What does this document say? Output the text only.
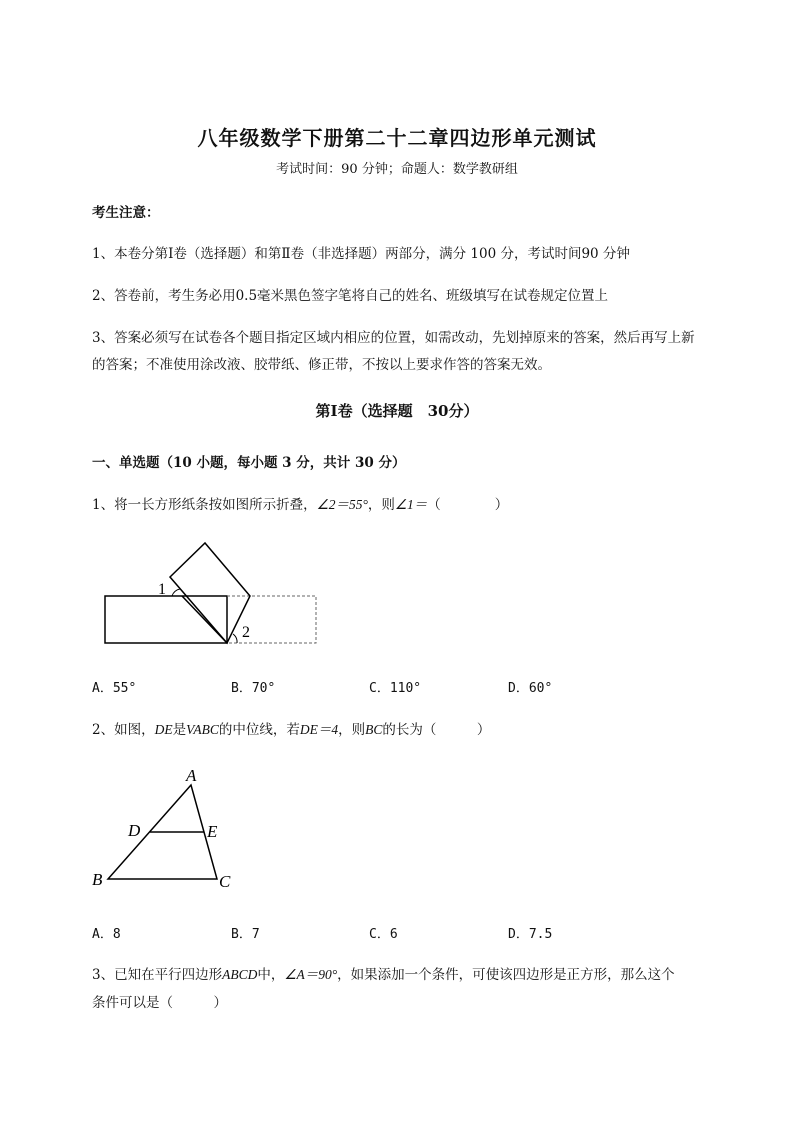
八年级数学下册第二十二章四边形单元测试
考试时间：90 分钟；命题人：数学教研组
考生注意：
1、本卷分第Ⅰ卷（选择题）和第Ⅱ卷（非选择题）两部分，满分 100 分，考试时间90 分钟
2、答卷前，考生务必用0.5毫米黑色签字笔将自己的姓名、班级填写在试卷规定位置上
3、答案必须写在试卷各个题目指定区域内相应的位置，如需改动，先划掉原来的答案，然后再写上新
的答案；不准使用涂改液、胶带纸、修正带，不按以上要求作答的答案无效。
第Ⅰ卷（选择题　30分）
一、单选题（10 小题，每小题 3 分，共计 30 分）
1、将一长方形纸条按如图所示折叠，∠2＝55°，则∠1＝（　　　　）
1
2
A．55°	B．70°	C．110°	D．60°
2、如图，DE是VABC的中位线，若DE＝4，则BC的长为（　　　）
A
B	C
D	E
A．8	B．7	C．6	D．7.5
3、已知在平行四边形ABCD中，∠A＝90°，如果添加一个条件，可使该四边形是正方形，那么这个
条件可以是（　　　）
